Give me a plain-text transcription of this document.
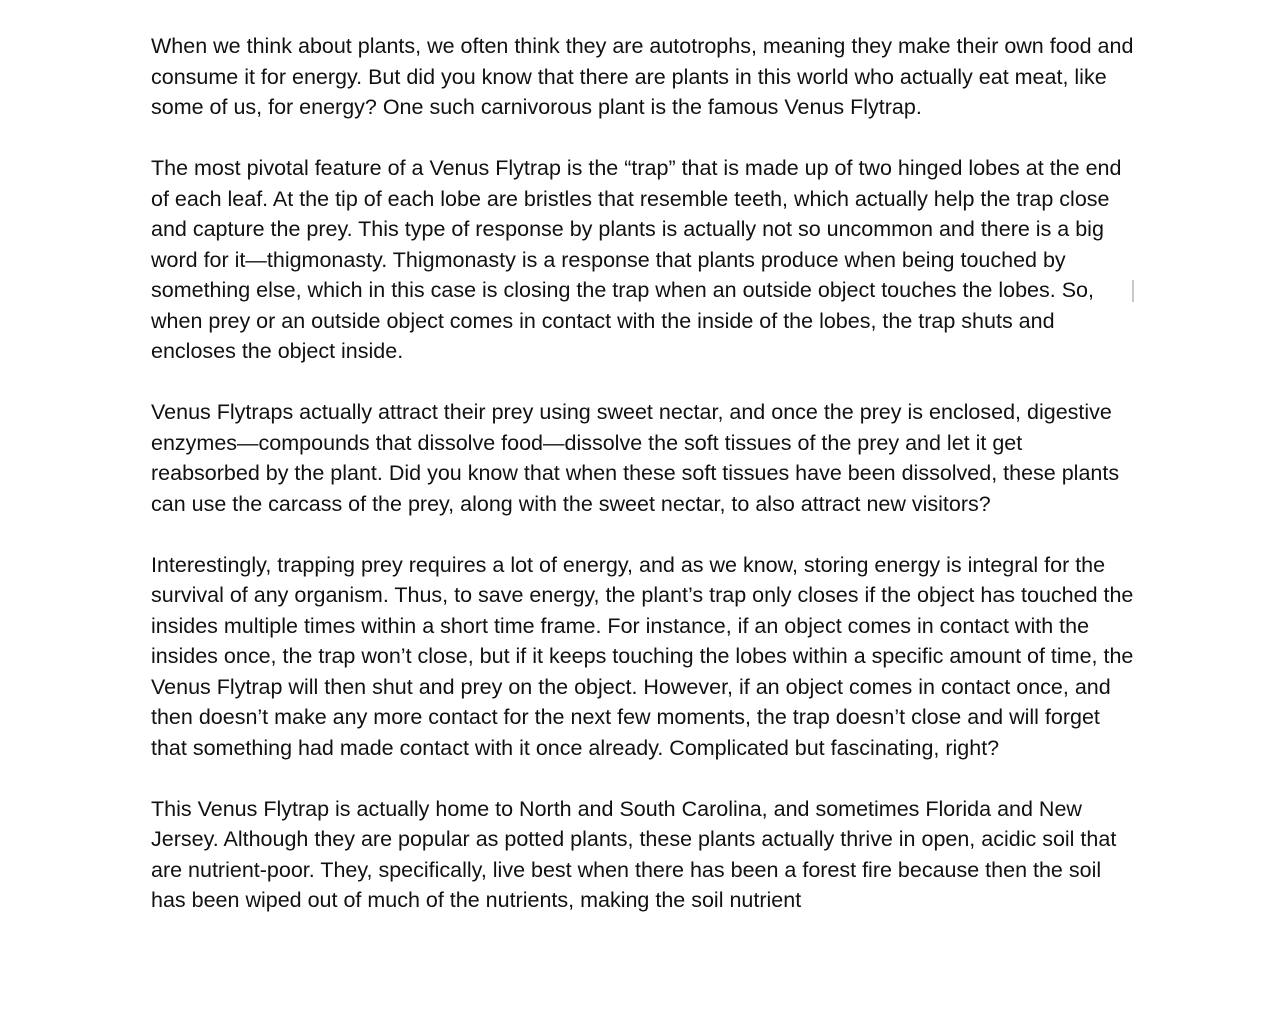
When we think about plants, we often think they are autotrophs, meaning they make their own food and consume it for energy. But did you know that there are plants in this world who actually eat meat, like some of us, for energy? One such carnivorous plant is the famous Venus Flytrap.

The most pivotal feature of a Venus Flytrap is the “trap” that is made up of two hinged lobes at the end of each leaf. At the tip of each lobe are bristles that resemble teeth, which actually help the trap close and capture the prey. This type of response by plants is actually not so uncommon and there is a big word for it—thigmonasty. Thigmonasty is a response that plants produce when being touched by something else, which in this case is closing the trap when an outside object touches the lobes. So, when prey or an outside object comes in contact with the inside of the lobes, the trap shuts and encloses the object inside.

Venus Flytraps actually attract their prey using sweet nectar, and once the prey is enclosed, digestive enzymes—compounds that dissolve food—dissolve the soft tissues of the prey and let it get reabsorbed by the plant. Did you know that when these soft tissues have been dissolved, these plants can use the carcass of the prey, along with the sweet nectar, to also attract new visitors?

Interestingly, trapping prey requires a lot of energy, and as we know, storing energy is integral for the survival of any organism. Thus, to save energy, the plant’s trap only closes if the object has touched the insides multiple times within a short time frame. For instance, if an object comes in contact with the insides once, the trap won’t close, but if it keeps touching the lobes within a specific amount of time, the Venus Flytrap will then shut and prey on the object. However, if an object comes in contact once, and then doesn’t make any more contact for the next few moments, the trap doesn’t close and will forget that something had made contact with it once already. Complicated but fascinating, right?

This Venus Flytrap is actually home to North and South Carolina, and sometimes Florida and New Jersey. Although they are popular as potted plants, these plants actually thrive in open, acidic soil that are nutrient-poor. They, specifically, live best when there has been a forest fire because then the soil has been wiped out of much of the nutrients, making the soil nutrient
